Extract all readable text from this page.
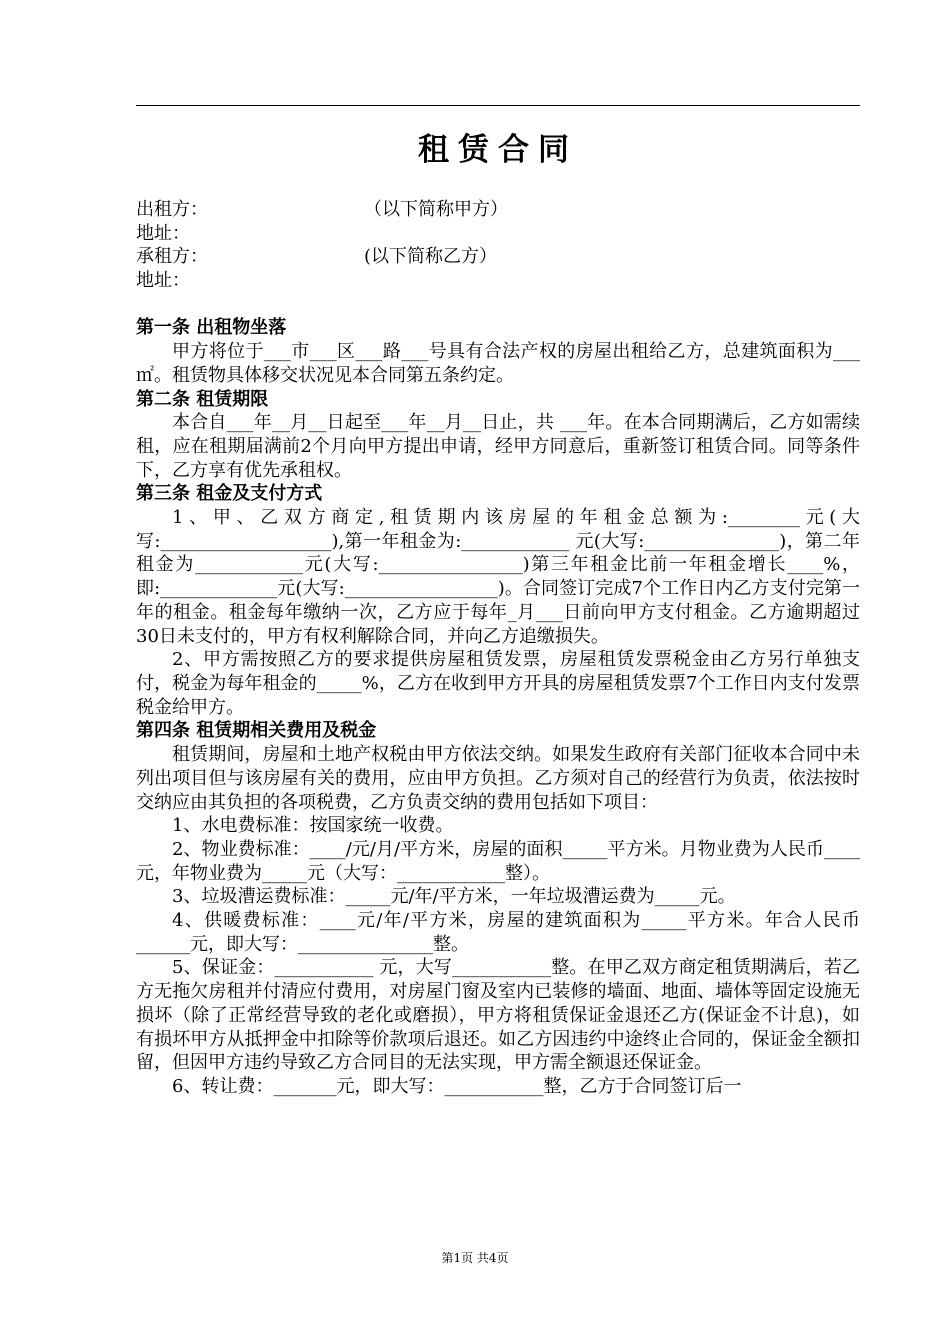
租赁合同
出租方：	（以下简称甲方）
地址：
承租方：	(以下简称乙方）
地址：
第一条 出租物坐落
甲方将位于___市___区___路___号具有合法产权的房屋出租给乙方，总建筑面积为___㎡。租赁物具体移交状况见本合同第五条约定。
第二条 租赁期限
本合自___年__月__日起至___年__月__日止，共 ___年。在本合同期满后，乙方如需续租，应在租期届满前2个月向甲方提出申请，经甲方同意后，重新签订租赁合同。同等条件下，乙方享有优先承租权。
第三条 租金及支付方式
1、甲、乙双方商定,租赁期内该房屋的年租金总额为:________元(大写:___________________),第一年租金为:____________ 元(大写:_______________)，第二年租金为____________元(大写:________________)第三年租金比前一年租金增长____%，即:_____________元(大写:_________________)。合同签订完成7个工作日内乙方支付完第一年的租金。租金每年缴纳一次，乙方应于每年_月___日前向甲方支付租金。乙方逾期超过30日未支付的，甲方有权利解除合同，并向乙方追缴损失。
2、甲方需按照乙方的要求提供房屋租赁发票，房屋租赁发票税金由乙方另行单独支付，税金为每年租金的_____%，乙方在收到甲方开具的房屋租赁发票7个工作日内支付发票税金给甲方。
第四条 租赁期相关费用及税金
租赁期间，房屋和土地产权税由甲方依法交纳。如果发生政府有关部门征收本合同中未列出项目但与该房屋有关的费用，应由甲方负担。乙方须对自己的经营行为负责，依法按时交纳应由其负担的各项税费，乙方负责交纳的费用包括如下项目：
1、水电费标准：按国家统一收费。
2、物业费标准：____/元/月/平方米，房屋的面积_____平方米。月物业费为人民币____元，年物业费为_____元（大写：____________整）。
3、垃圾漕运费标准：_____元/年/平方米，一年垃圾漕运费为_____元。
4、供暖费标准：____元/年/平方米，房屋的建筑面积为_____平方米。年合人民币______元，即大写：_______________整。
5、保证金：___________ 元，大写___________整。在甲乙双方商定租赁期满后，若乙方无拖欠房租并付清应付费用，对房屋门窗及室内已装修的墙面、地面、墙体等固定设施无损坏（除了正常经营导致的老化或磨损），甲方将租赁保证金退还乙方(保证金不计息)，如有损坏甲方从抵押金中扣除等价款项后退还。如乙方因违约中途终止合同的，保证金全额扣留，但因甲方违约导致乙方合同目的无法实现，甲方需全额退还保证金。
6、转让费：_______元，即大写：___________整，乙方于合同签订后一
第1页 共4页
